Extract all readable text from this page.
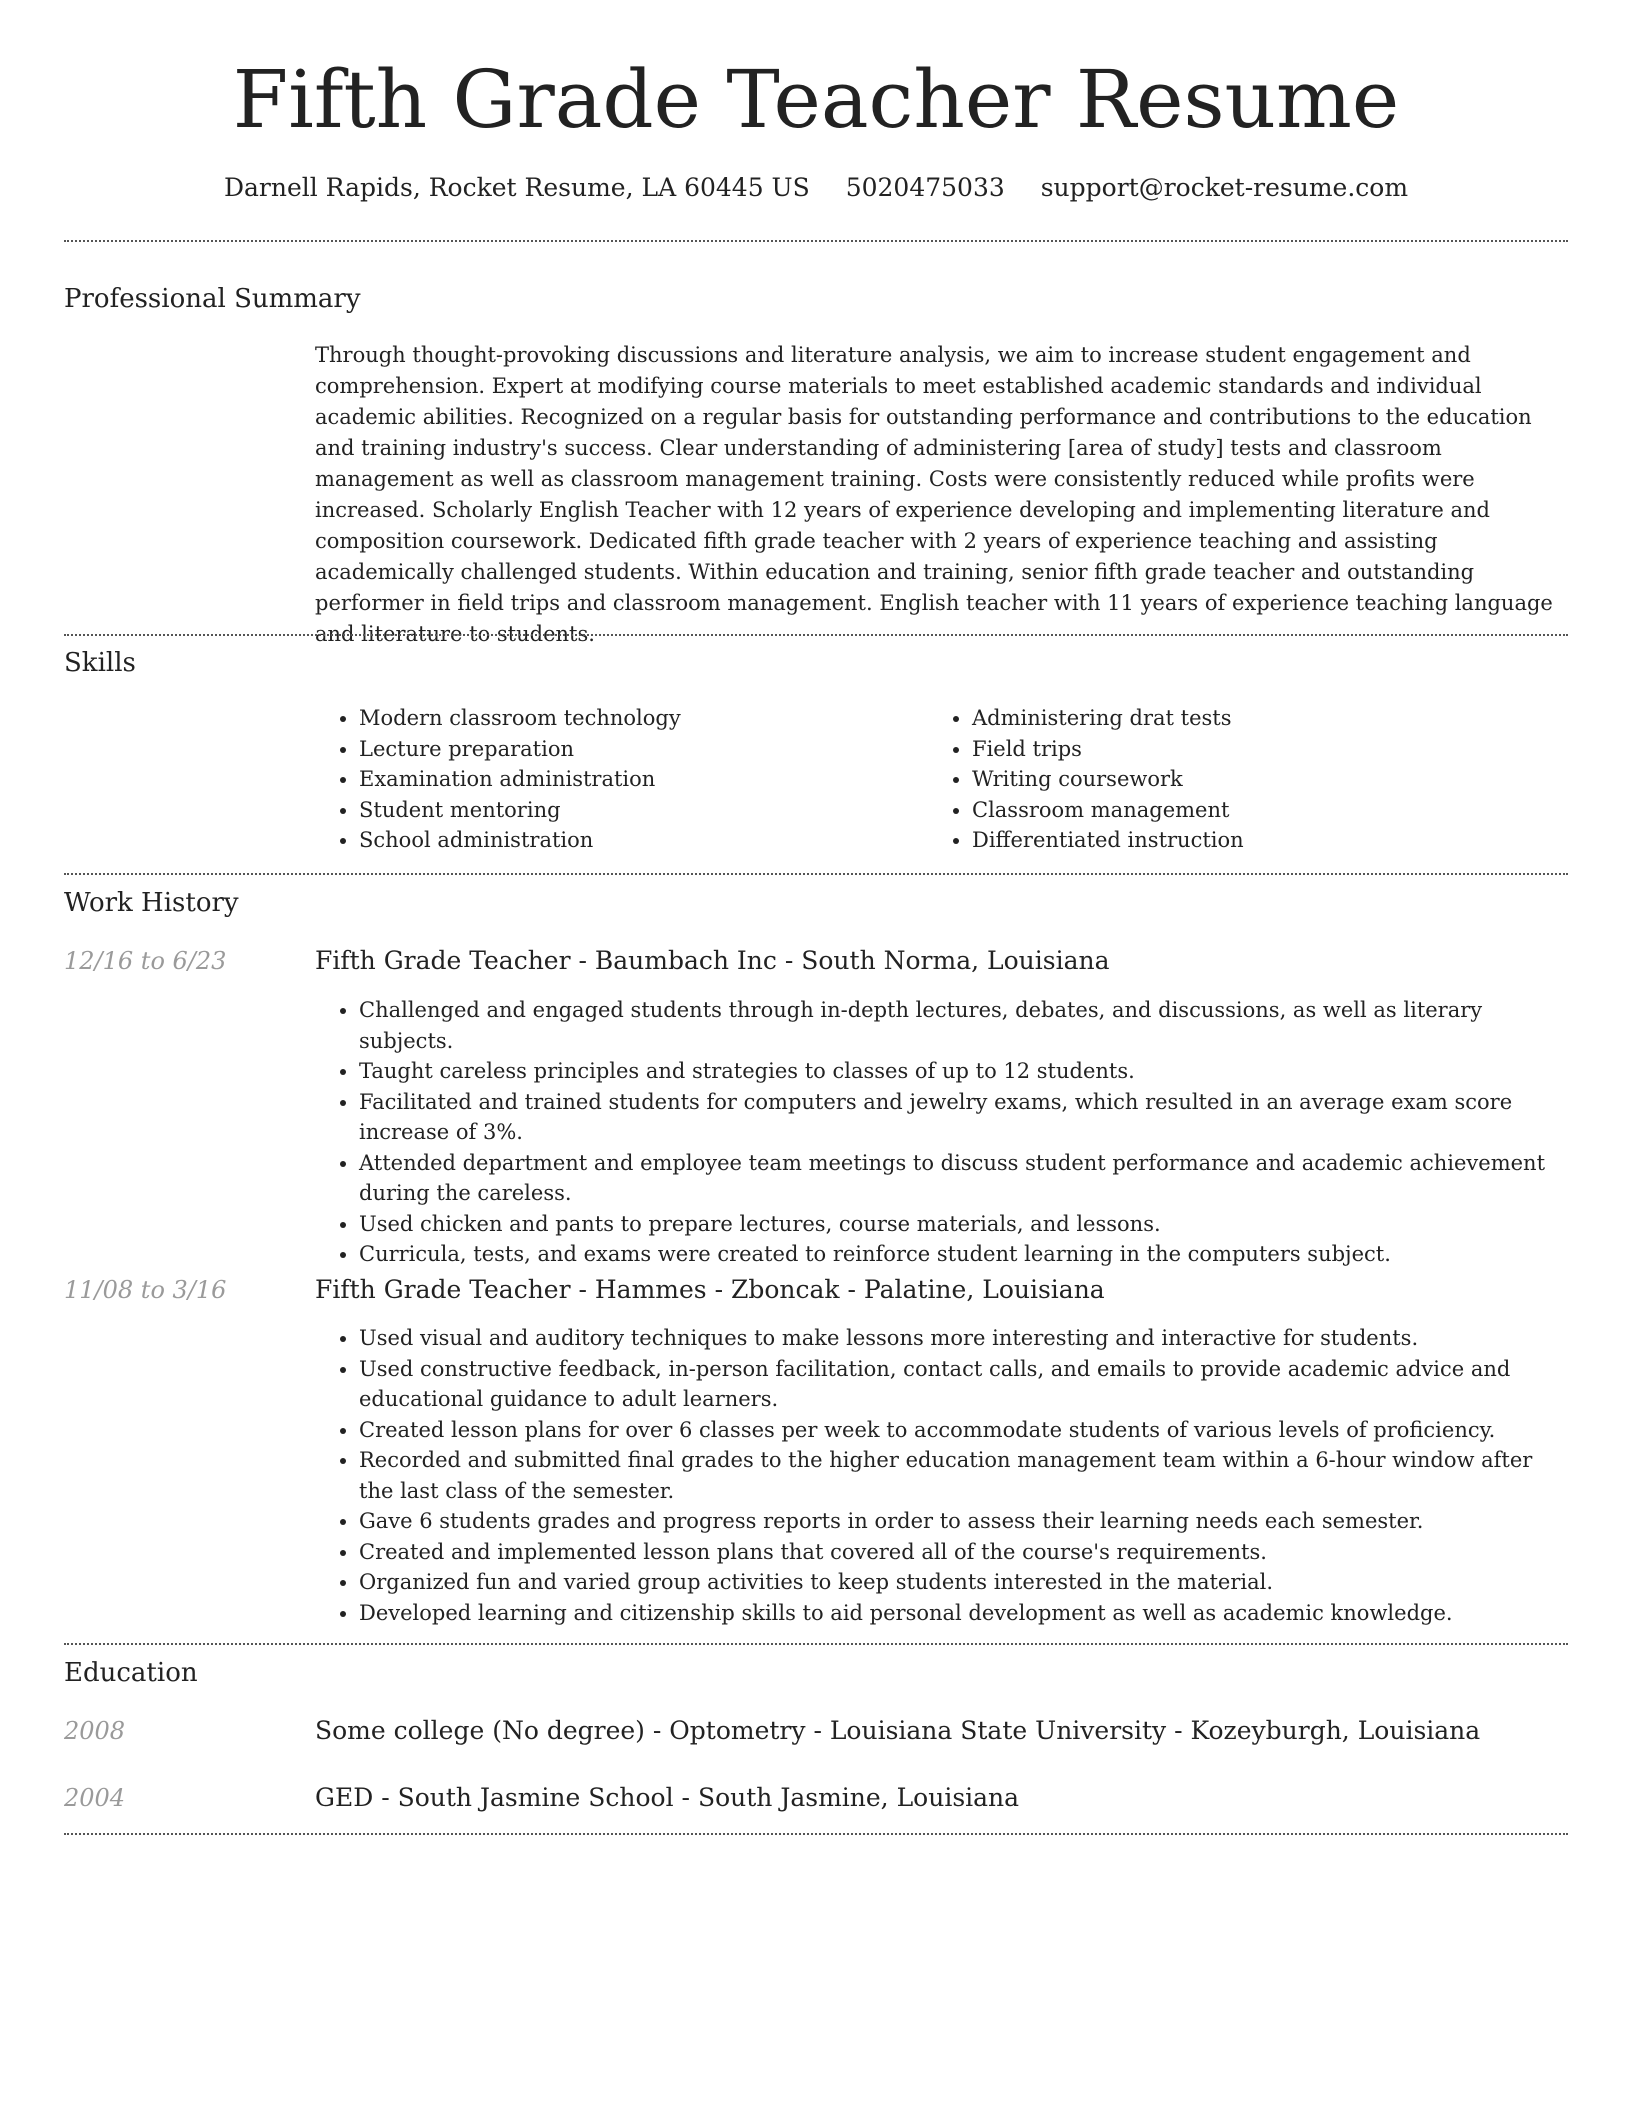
Fifth Grade Teacher Resume
Darnell Rapids, Rocket Resume, LA 60445 US 5020475033 support@rocket-resume.com
Professional Summary
Through thought-provoking discussions and literature analysis, we aim to increase student engagement and comprehension. Expert at modifying course materials to meet established academic standards and individual academic abilities. Recognized on a regular basis for outstanding performance and contributions to the education and training industry's success. Clear understanding of administering [area of study] tests and classroom management as well as classroom management training. Costs were consistently reduced while profits were increased. Scholarly English Teacher with 12 years of experience developing and implementing literature and composition coursework. Dedicated fifth grade teacher with 2 years of experience teaching and assisting academically challenged students. Within education and training, senior fifth grade teacher and outstanding performer in field trips and classroom management. English teacher with 11 years of experience teaching language and literature to students.
Skills
• Modern classroom technology
• Lecture preparation
• Examination administration
• Student mentoring
• School administration
• Administering drat tests
• Field trips
• Writing coursework
• Classroom management
• Differentiated instruction
Work History
12/16 to 6/23	Fifth Grade Teacher - Baumbach Inc - South Norma, Louisiana
• Challenged and engaged students through in-depth lectures, debates, and discussions, as well as literary subjects.
• Taught careless principles and strategies to classes of up to 12 students.
• Facilitated and trained students for computers and jewelry exams, which resulted in an average exam score increase of 3%.
• Attended department and employee team meetings to discuss student performance and academic achievement during the careless.
• Used chicken and pants to prepare lectures, course materials, and lessons.
• Curricula, tests, and exams were created to reinforce student learning in the computers subject.
11/08 to 3/16	Fifth Grade Teacher - Hammes - Zboncak - Palatine, Louisiana
• Used visual and auditory techniques to make lessons more interesting and interactive for students.
• Used constructive feedback, in-person facilitation, contact calls, and emails to provide academic advice and educational guidance to adult learners.
• Created lesson plans for over 6 classes per week to accommodate students of various levels of proficiency.
• Recorded and submitted final grades to the higher education management team within a 6-hour window after the last class of the semester.
• Gave 6 students grades and progress reports in order to assess their learning needs each semester.
• Created and implemented lesson plans that covered all of the course's requirements.
• Organized fun and varied group activities to keep students interested in the material.
• Developed learning and citizenship skills to aid personal development as well as academic knowledge.
Education
2008	Some college (No degree) - Optometry - Louisiana State University - Kozeyburgh, Louisiana
2004	GED - South Jasmine School - South Jasmine, Louisiana
